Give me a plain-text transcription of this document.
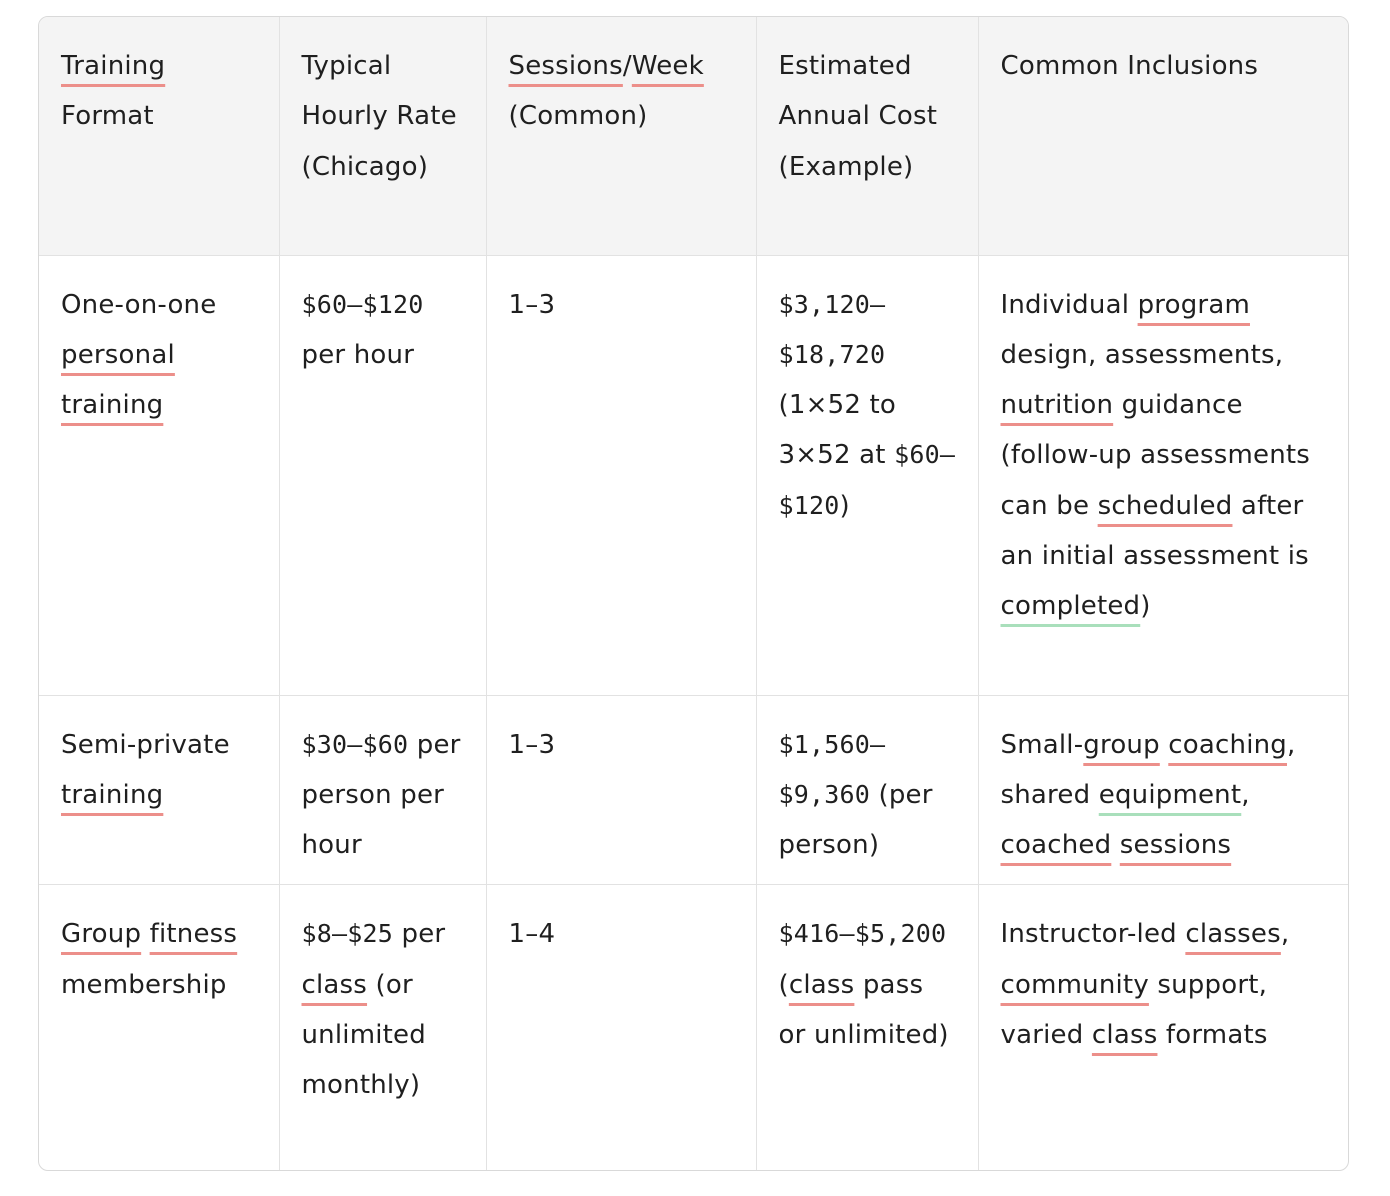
Training Format	Typical Hourly Rate (Chicago)	Sessions/Week (Common)	Estimated Annual Cost (Example)	Common Inclusions
One-on-one personal training	$60–$120 per hour	1–3	$3,120–$18,720 (1×52 to 3×52 at $60–$120)	Individual program design, assessments, nutrition guidance (follow-up assessments can be scheduled after an initial assessment is completed)
Semi-private training	$30–$60 per person per hour	1–3	$1,560– $9,360 (per person)	Small-group coaching, shared equipment, coached sessions
Group fitness membership	$8–$25 per class (or unlimited monthly)	1–4	$416–$5,200 (class pass or unlimited)	Instructor-led classes, community support, varied class formats
